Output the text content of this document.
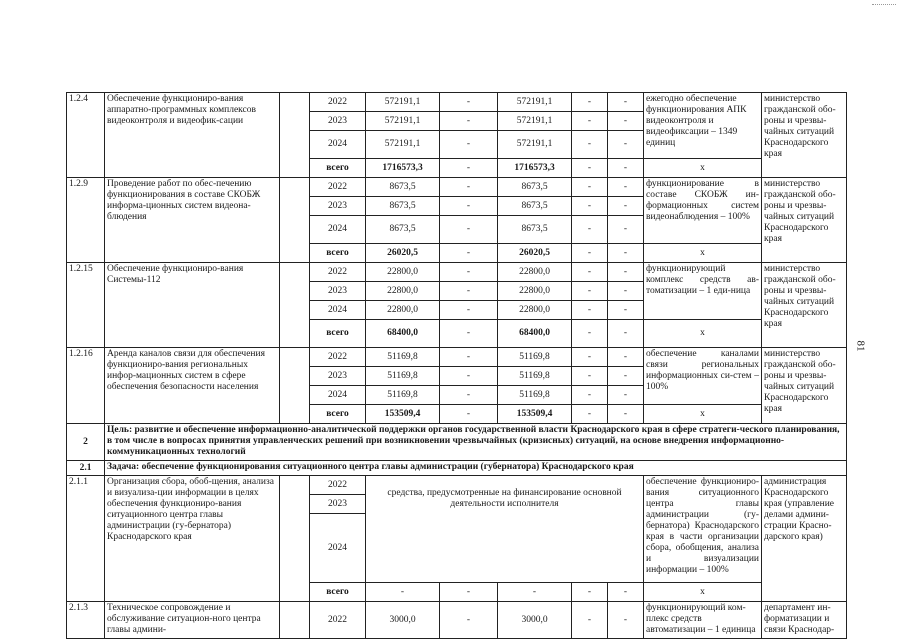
1.2.4	Обеспечение функциониро-вания аппаратно-программных комплексов видеоконтроля и видеофик-сации		2022	572191,1	-	572191,1	-	-	ежегодно обеспечение функционирования АПК видеоконтроля и видеофиксации – 1349 единиц	министерство гражданской обо-роны и чрезвы-чайных ситуаций Краснодарского края
			2023	572191,1	-	572191,1	-	-		
			2024	572191,1	-	572191,1	-	-		
			всего	1716573,3	-	1716573,3	-	-	х	
1.2.9	Проведение работ по обес-печению функционирования в составе СКОБЖ информа-ционных систем видеона-блюдения		2022	8673,5	-	8673,5	-	-	функционирование в составе СКОБЖ ин-формационных систем видеонаблюдения – 100%	министерство гражданской обо-роны и чрезвы-чайных ситуаций Краснодарского края
			2023	8673,5	-	8673,5	-	-		
			2024	8673,5	-	8673,5	-	-		
			всего	26020,5	-	26020,5	-	-	х	
1.2.15	Обеспечение функциониро-вания Системы-112		2022	22800,0	-	22800,0	-	-	функционирующий комплекс средств ав-томатизации – 1 еди-ница	министерство гражданской обо-роны и чрезвы-чайных ситуаций Краснодарского края
			2023	22800,0	-	22800,0	-	-		
			2024	22800,0	-	22800,0	-	-		
			всего	68400,0	-	68400,0	-	-	х	
1.2.16	Аренда каналов связи для обеспечения функциониро-вания региональных инфор-мационных систем в сфере обеспечения безопасности населения		2022	51169,8	-	51169,8	-	-	обеспечение каналами связи региональных информационных си-стем –100%	министерство гражданской обо-роны и чрезвы-чайных ситуаций Краснодарского края
			2023	51169,8	-	51169,8	-	-		
			2024	51169,8	-	51169,8	-	-		
			всего	153509,4	-	153509,4	-	-	х	
2	Цель: развитие и обеспечение информационно-аналитической поддержки органов государственной власти Краснодарского края в сфере стратеги-ческого планирования, в том числе в вопросах принятия управленческих решений при возникновении чрезвычайных (кризисных) ситуаций, на основе внедрения информационно-коммуникационных технологий									
2.1	Задача: обеспечение функционирования ситуационного центра главы администрации (губернатора) Краснодарского края									
2.1.1	Организация сбора, обоб-щения, анализа и визуализа-ции информации в целях обеспечения функциониро-вания ситуационного центра главы администрации (гу-бернатора) Краснодарского края		2022	средства, предусмотренные на финансирование основной деятельности исполнителя					обеспечение функциониро-вания ситуационного центра главы администрации (гу-бернатора) Краснодарского края в части организации сбора, обобщения, анализа и визуализации информации – 100%	администрация Краснодарского края (управление делами админи-страции Красно-дарского края)
			2023							
			2024							
			всего	-	-	-	-	-	х	
2.1.3	Техническое сопровождение и обслуживание ситуацион-ного центра главы админи-		2022	3000,0	-	3000,0	-	-	функционирующий ком-плекс средств автоматизации – 1 единица	департамент ин-форматизации и связи Краснодар-
81
